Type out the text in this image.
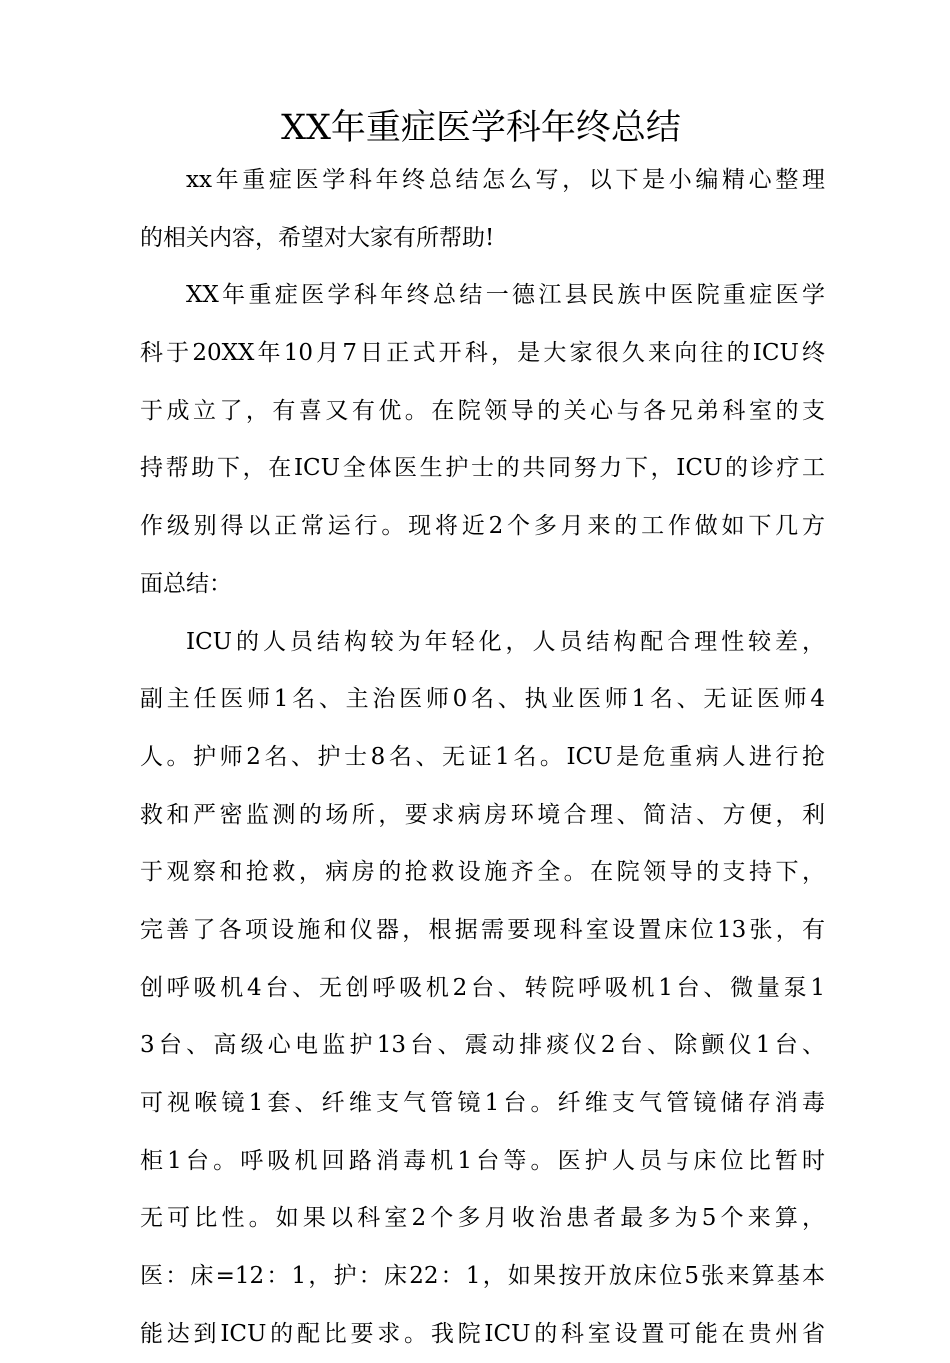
XX年重症医学科年终总结
xx年重症医学科年终总结怎么写，以下是小编精心整理
的相关内容，希望对大家有所帮助!
XX年重症医学科年终总结一德江县民族中医院重症医学
科于20XX年10月7日正式开科，是大家很久来向往的ICU终
于成立了，有喜又有优。在院领导的关心与各兄弟科室的支
持帮助下，在ICU全体医生护士的共同努力下，ICU的诊疗工
作级别得以正常运行。现将近2个多月来的工作做如下几方
面总结：
ICU的人员结构较为年轻化，人员结构配合理性较差，
副主任医师1名、主治医师0名、执业医师1名、无证医师4
人。护师2名、护士8名、无证1名。ICU是危重病人进行抢
救和严密监测的场所，要求病房环境合理、简洁、方便，利
于观察和抢救，病房的抢救设施齐全。在院领导的支持下，
完善了各项设施和仪器，根据需要现科室设置床位13张，有
创呼吸机4台、无创呼吸机2台、转院呼吸机1台、微量泵1
3台、高级心电监护13台、震动排痰仪2台、除颤仪1台、
可视喉镜1套、纤维支气管镜1台。纤维支气管镜储存消毒
柜1台。呼吸机回路消毒机1台等。医护人员与床位比暂时
无可比性。如果以科室2个多月收治患者最多为5个来算，
医：床=12：1，护：床22：1，如果按开放床位5张来算基本
能达到ICU的配比要求。我院ICU的科室设置可能在贵州省
